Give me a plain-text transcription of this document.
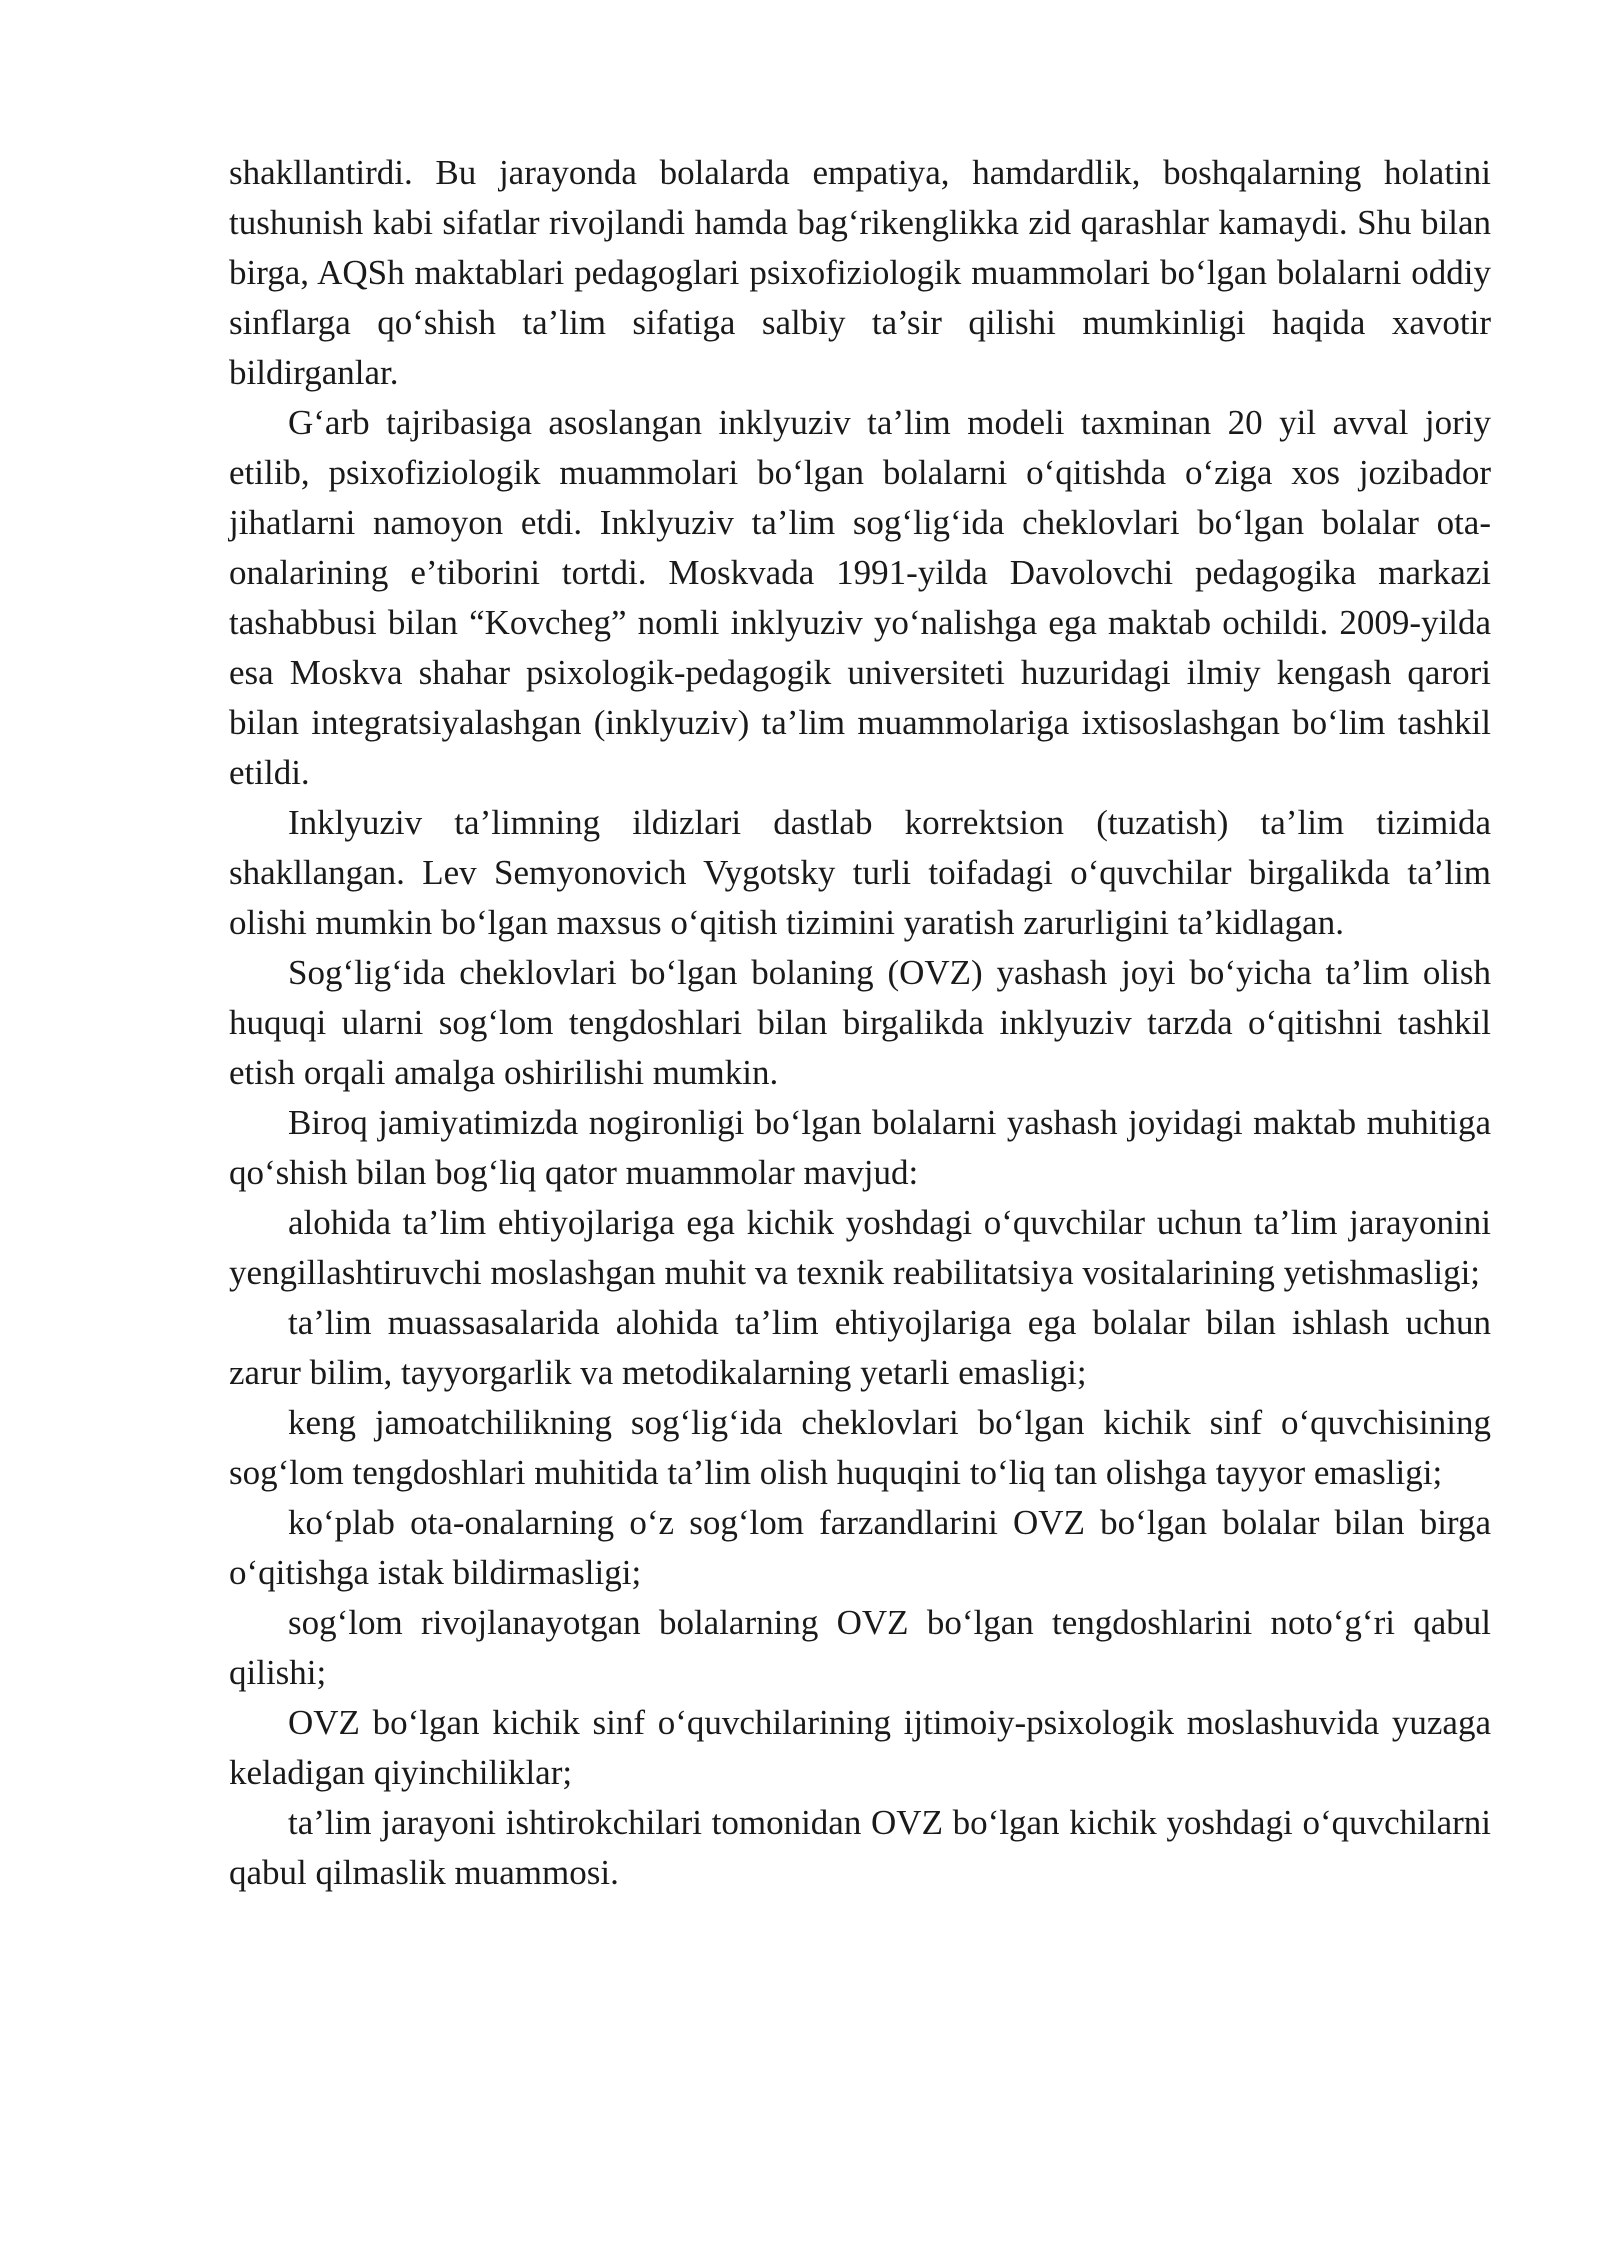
shakllantirdi. Bu jarayonda bolalarda empatiya, hamdardlik, boshqalarning holatini tushunish kabi sifatlar rivojlandi hamda bag‘rikenglikka zid qarashlar kamaydi. Shu bilan birga, AQSh maktablari pedagoglari psixofiziologik muammolari bo‘lgan bolalarni oddiy sinflarga qo‘shish ta’lim sifatiga salbiy ta’sir qilishi mumkinligi haqida xavotir bildirganlar.

G‘arb tajribasiga asoslangan inklyuziv ta’lim modeli taxminan 20 yil avval joriy etilib, psixofiziologik muammolari bo‘lgan bolalarni o‘qitishda o‘ziga xos jozibador jihatlarni namoyon etdi. Inklyuziv ta’lim sog‘lig‘ida cheklovlari bo‘lgan bolalar ota-onalarining e’tiborini tortdi. Moskvada 1991-yilda Davolovchi pedagogika markazi tashabbusi bilan “Kovcheg” nomli inklyuziv yo‘nalishga ega maktab ochildi. 2009-yilda esa Moskva shahar psixologik-pedagogik universiteti huzuridagi ilmiy kengash qarori bilan integratsiyalashgan (inklyuziv) ta’lim muammolariga ixtisoslashgan bo‘lim tashkil etildi.

Inklyuziv ta’limning ildizlari dastlab korrektsion (tuzatish) ta’lim tizimida shakllangan. Lev Semyonovich Vygotsky turli toifadagi o‘quvchilar birgalikda ta’lim olishi mumkin bo‘lgan maxsus o‘qitish tizimini yaratish zarurligini ta’kidlagan.

Sog‘lig‘ida cheklovlari bo‘lgan bolaning (OVZ) yashash joyi bo‘yicha ta’lim olish huquqi ularni sog‘lom tengdoshlari bilan birgalikda inklyuziv tarzda o‘qitishni tashkil etish orqali amalga oshirilishi mumkin.

Biroq jamiyatimizda nogironligi bo‘lgan bolalarni yashash joyidagi maktab muhitiga qo‘shish bilan bog‘liq qator muammolar mavjud:

alohida ta’lim ehtiyojlariga ega kichik yoshdagi o‘quvchilar uchun ta’lim jarayonini yengillashtiruvchi moslashgan muhit va texnik reabilitatsiya vositalarining yetishmasligi;

ta’lim muassasalarida alohida ta’lim ehtiyojlariga ega bolalar bilan ishlash uchun zarur bilim, tayyorgarlik va metodikalarning yetarli emasligi;

keng jamoatchilikning sog‘lig‘ida cheklovlari bo‘lgan kichik sinf o‘quvchisining sog‘lom tengdoshlari muhitida ta’lim olish huquqini to‘liq tan olishga tayyor emasligi;

ko‘plab ota-onalarning o‘z sog‘lom farzandlarini OVZ bo‘lgan bolalar bilan birga o‘qitishga istak bildirmasligi;

sog‘lom rivojlanayotgan bolalarning OVZ bo‘lgan tengdoshlarini noto‘g‘ri qabul qilishi;

OVZ bo‘lgan kichik sinf o‘quvchilarining ijtimoiy-psixologik moslashuvida yuzaga keladigan qiyinchiliklar;

ta’lim jarayoni ishtirokchilari tomonidan OVZ bo‘lgan kichik yoshdagi o‘quvchilarni qabul qilmaslik muammosi.
